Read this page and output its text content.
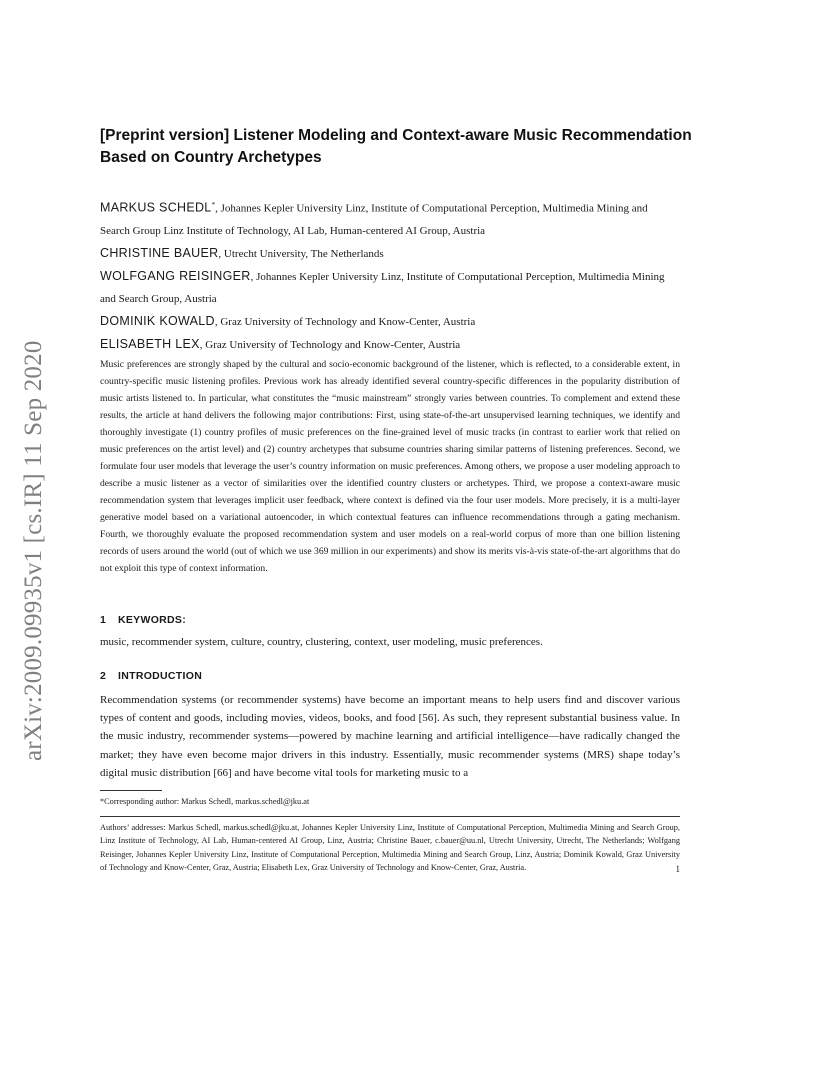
arXiv:2009.09935v1 [cs.IR] 11 Sep 2020
[Preprint version] Listener Modeling and Context-aware Music Recommendation Based on Country Archetypes

MARKUS SCHEDL*, Johannes Kepler University Linz, Institute of Computational Perception, Multimedia Mining and Search Group Linz Institute of Technology, AI Lab, Human-centered AI Group, Austria

CHRISTINE BAUER, Utrecht University, The Netherlands

WOLFGANG REISINGER, Johannes Kepler University Linz, Institute of Computational Perception, Multimedia Mining and Search Group, Austria

DOMINIK KOWALD, Graz University of Technology and Know-Center, Austria

ELISABETH LEX, Graz University of Technology and Know-Center, Austria

Music preferences are strongly shaped by the cultural and socio-economic background of the listener, which is reflected, to a considerable extent, in country-specific music listening profiles. Previous work has already identified several country-specific differences in the popularity distribution of music artists listened to. In particular, what constitutes the “music mainstream” strongly varies between countries. To complement and extend these results, the article at hand delivers the following major contributions: First, using state-of-the-art unsupervised learning techniques, we identify and thoroughly investigate (1) country profiles of music preferences on the fine-grained level of music tracks (in contrast to earlier work that relied on music preferences on the artist level) and (2) country archetypes that subsume countries sharing similar patterns of listening preferences. Second, we formulate four user models that leverage the user’s country information on music preferences. Among others, we propose a user modeling approach to describe a music listener as a vector of similarities over the identified country clusters or archetypes. Third, we propose a context-aware music recommendation system that leverages implicit user feedback, where context is defined via the four user models. More precisely, it is a multi-layer generative model based on a variational autoencoder, in which contextual features can influence recommendations through a gating mechanism. Fourth, we thoroughly evaluate the proposed recommendation system and user models on a real-world corpus of more than one billion listening records of users around the world (out of which we use 369 million in our experiments) and show its merits vis-à-vis state-of-the-art algorithms that do not exploit this type of context information.

1 KEYWORDS:

music, recommender system, culture, country, clustering, context, user modeling, music preferences.

2 INTRODUCTION

Recommendation systems (or recommender systems) have become an important means to help users find and discover various types of content and goods, including movies, videos, books, and food [56]. As such, they represent substantial business value. In the music industry, recommender systems—powered by machine learning and artificial intelligence—have radically changed the market; they have even become major drivers in this industry. Essentially, music recommender systems (MRS) shape today’s digital music distribution [66] and have become vital tools for marketing music to a

*Corresponding author: Markus Schedl, markus.schedl@jku.at

Authors’ addresses: Markus Schedl, markus.schedl@jku.at, Johannes Kepler University Linz, Institute of Computational Perception, Multimedia Mining and Search Group, Linz Institute of Technology, AI Lab, Human-centered AI Group, Linz, Austria; Christine Bauer, c.bauer@uu.nl, Utrecht University, Utrecht, The Netherlands; Wolfgang Reisinger, Johannes Kepler University Linz, Institute of Computational Perception, Multimedia Mining and Search Group, Linz, Austria; Dominik Kowald, Graz University of Technology and Know-Center, Graz, Austria; Elisabeth Lex, Graz University of Technology and Know-Center, Graz, Austria.	1
